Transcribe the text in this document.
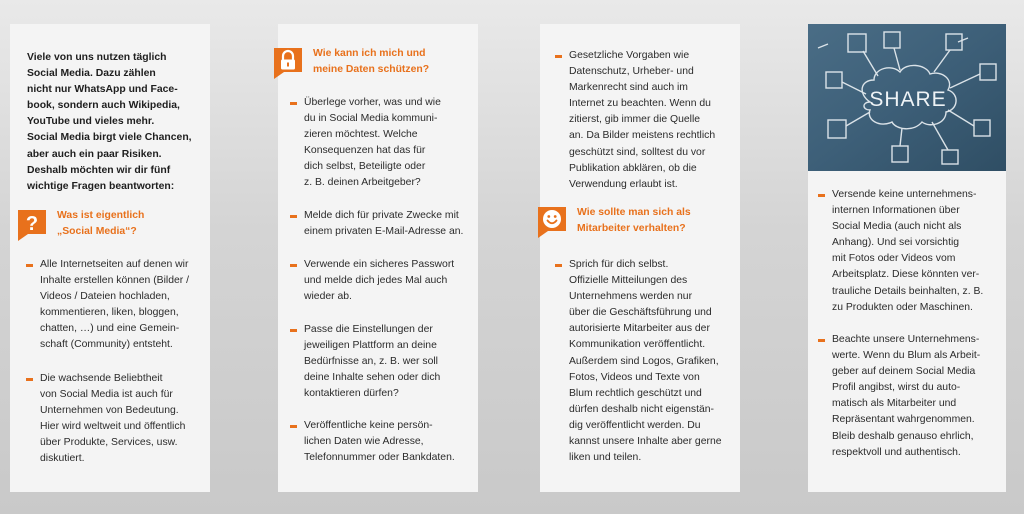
Viele von uns nutzen täglich
Social Media. Dazu zählen
nicht nur WhatsApp und Face-
book, sondern auch Wikipedia,
YouTube und vieles mehr.
Social Media birgt viele Chancen,
aber auch ein paar Risiken.
Deshalb möchten wir dir fünf
wichtige Fragen beantworten:
? Was ist eigentlich
„Social Media“?
Alle Internetseiten auf denen wir
Inhalte erstellen können (Bilder /
Videos / Dateien hochladen,
kommentieren, liken, bloggen,
chatten, …) und eine Gemein-
schaft (Community) entsteht.
Die wachsende Beliebtheit
von Social Media ist auch für
Unternehmen von Bedeutung.
Hier wird weltweit und öffentlich
über Produkte, Services, usw.
diskutiert.
Wie kann ich mich und
meine Daten schützen?
Überlege vorher, was und wie
du in Social Media kommuni-
zieren möchtest. Welche
Konsequenzen hat das für
dich selbst, Beteiligte oder
z. B. deinen Arbeitgeber?
Melde dich für private Zwecke mit
einem privaten E-Mail-Adresse an.
Verwende ein sicheres Passwort
und melde dich jedes Mal auch
wieder ab.
Passe die Einstellungen der
jeweiligen Plattform an deine
Bedürfnisse an, z. B. wer soll
deine Inhalte sehen oder dich
kontaktieren dürfen?
Veröffentliche keine persön-
lichen Daten wie Adresse,
Telefonnummer oder Bankdaten.
Gesetzliche Vorgaben wie
Datenschutz, Urheber- und
Markenrecht sind auch im
Internet zu beachten. Wenn du
zitierst, gib immer die Quelle
an. Da Bilder meistens rechtlich
geschützt sind, solltest du vor
Publikation abklären, ob die
Verwendung erlaubt ist.
Wie sollte man sich als
Mitarbeiter verhalten?
Sprich für dich selbst.
Offizielle Mitteilungen des
Unternehmens werden nur
über die Geschäftsführung und
autorisierte Mitarbeiter aus der
Kommunikation veröffentlicht.
Außerdem sind Logos, Grafiken,
Fotos, Videos und Texte von
Blum rechtlich geschützt und
dürfen deshalb nicht eigenstän-
dig veröffentlicht werden. Du
kannst unsere Inhalte aber gerne
liken und teilen.
SHARE
Versende keine unternehmens-
internen Informationen über
Social Media (auch nicht als
Anhang). Und sei vorsichtig
mit Fotos oder Videos vom
Arbeitsplatz. Diese könnten ver-
trauliche Details beinhalten, z. B.
zu Produkten oder Maschinen.
Beachte unsere Unternehmens-
werte. Wenn du Blum als Arbeit-
geber auf deinem Social Media
Profil angibst, wirst du auto-
matisch als Mitarbeiter und
Repräsentant wahrgenommen.
Bleib deshalb genauso ehrlich,
respektvoll und authentisch.
